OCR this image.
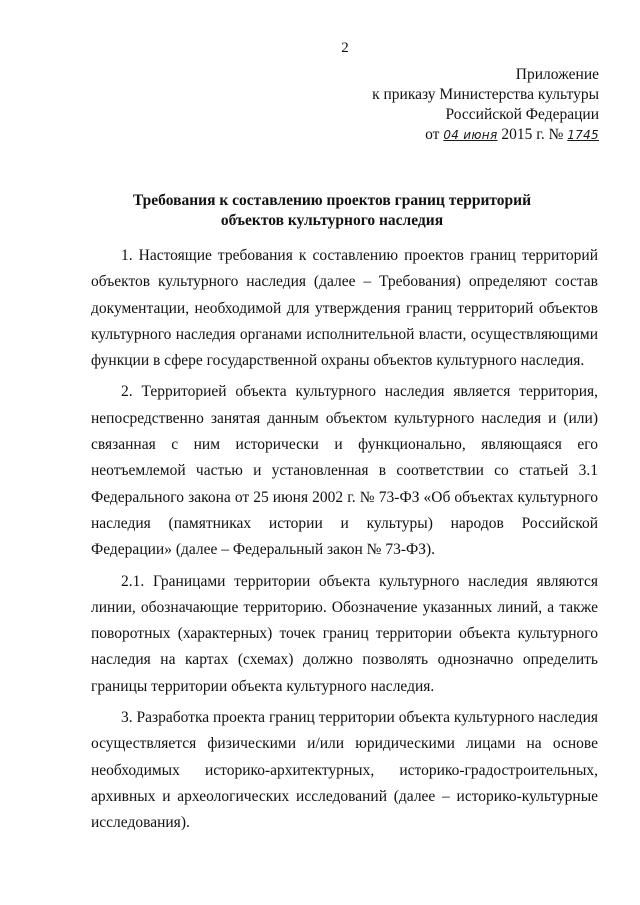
2
Приложение
к приказу Министерства культуры
Российской Федерации
от 04 июня 2015 г. № 1745
Требования к составлению проектов границ территорий
объектов культурного наследия

1. Настоящие требования к составлению проектов границ территорий объектов культурного наследия (далее – Требования) определяют состав документации, необходимой для утверждения границ территорий объектов культурного наследия органами исполнительной власти, осуществляющими функции в сфере государственной охраны объектов культурного наследия.

2. Территорией объекта культурного наследия является территория, непосредственно занятая данным объектом культурного наследия и (или) связанная с ним исторически и функционально, являющаяся его неотъемлемой частью и установленная в соответствии со статьей 3.1 Федерального закона от 25 июня 2002 г. № 73-ФЗ «Об объектах культурного наследия (памятниках истории и культуры) народов Российской Федерации» (далее – Федеральный закон № 73-ФЗ).

2.1. Границами территории объекта культурного наследия являются линии, обозначающие территорию. Обозначение указанных линий, а также поворотных (характерных) точек границ территории объекта культурного наследия на картах (схемах) должно позволять однозначно определить границы территории объекта культурного наследия.

3. Разработка проекта границ территории объекта культурного наследия осуществляется физическими и/или юридическими лицами на основе необходимых историко-архитектурных, историко-градостроительных, архивных и археологических исследований (далее – историко-культурные исследования).
